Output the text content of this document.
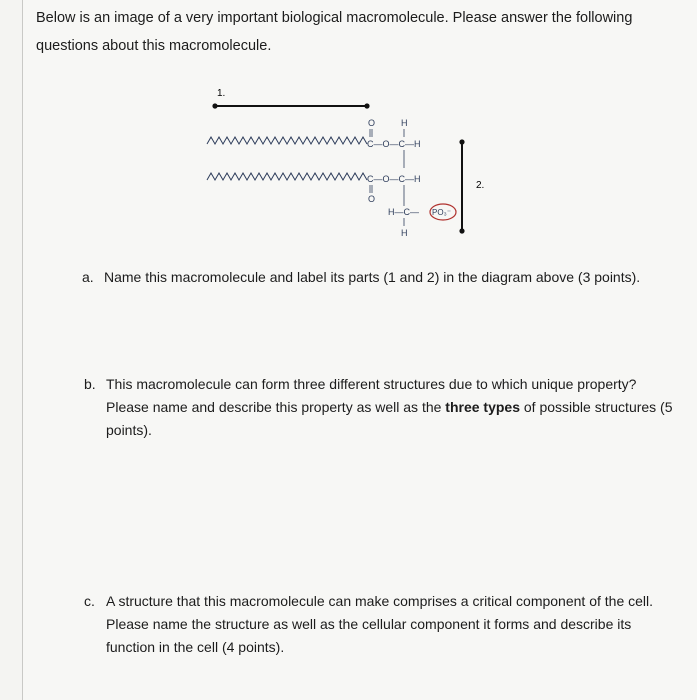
Below is an image of a very important biological macromolecule. Please answer the following
questions about this macromolecule.
1.
O	H
C—O—C—H
C—O—C—H
O
H—C— PO₃⁻
H
2.
a. Name this macromolecule and label its parts (1 and 2) in the diagram above (3 points).
b. This macromolecule can form three different structures due to which unique property?
Please name and describe this property as well as the three types of possible structures (5
points).
c. A structure that this macromolecule can make comprises a critical component of the cell.
Please name the structure as well as the cellular component it forms and describe its
function in the cell (4 points).
